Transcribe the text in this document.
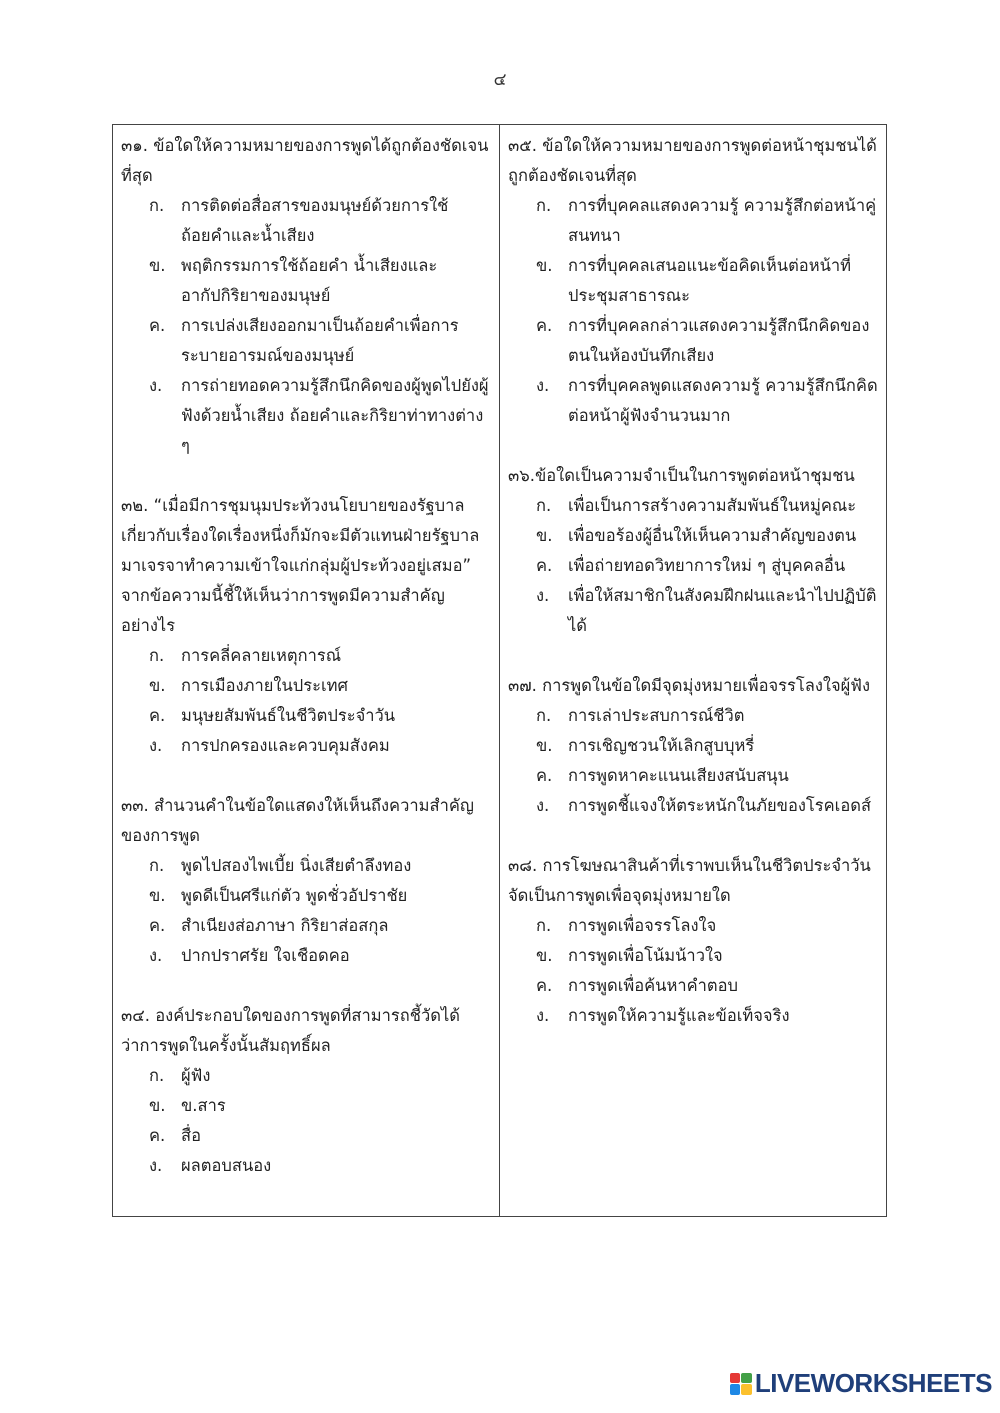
๔

๓๑. ข้อใดให้ความหมายของการพูดได้ถูกต้องชัดเจนที่สุด

ก.	การติดต่อสื่อสารของมนุษย์ด้วยการใช้ถ้อยคำและน้ำเสียง
ข. พฤติกรรมการใช้ถ้อยคำ น้ำเสียงและอากัปกิริยาของมนุษย์
ค. การเปล่งเสียงออกมาเป็นถ้อยคำเพื่อการระบายอารมณ์ของมนุษย์
ง.	การถ่ายทอดความรู้สึกนึกคิดของผู้พูดไปยังผู้ฟังด้วยน้ำเสียง ถ้อยคำและกิริยาท่าทางต่าง ๆ

๓๒. “เมื่อมีการชุมนุมประท้วงนโยบายของรัฐบาลเกี่ยวกับเรื่องใดเรื่องหนึ่งก็มักจะมีตัวแทนฝ่ายรัฐบาลมาเจรจาทำความเข้าใจแก่กลุ่มผู้ประท้วงอยู่เสมอ” จากข้อความนี้ชี้ให้เห็นว่าการพูดมีความสำคัญอย่างไร

ก.	การคลี่คลายเหตุการณ์
ข. การเมืองภายในประเทศ
ค. มนุษยสัมพันธ์ในชีวิตประจำวัน
ง.	การปกครองและควบคุมสังคม

๓๓. สำนวนคำในข้อใดแสดงให้เห็นถึงความสำคัญของการพูด

ก.	พูดไปสองไพเบี้ย นิ่งเสียตำลึงทอง
ข. พูดดีเป็นศรีแก่ตัว พูดชั่วอัปราชัย
ค. สำเนียงส่อภาษา กิริยาส่อสกุล
ง.	ปากปราศรัย ใจเชือดคอ

๓๔. องค์ประกอบใดของการพูดที่สามารถชี้วัดได้ว่าการพูดในครั้งนั้นสัมฤทธิ์ผล

ก.	ผู้ฟัง
ข. ข.สาร
ค. สื่อ
ง.	ผลตอบสนอง

๓๕. ข้อใดให้ความหมายของการพูดต่อหน้าชุมชนได้ถูกต้องชัดเจนที่สุด

ก.	การที่บุคคลแสดงความรู้ ความรู้สึกต่อหน้าคู่สนทนา
ข. การที่บุคคลเสนอแนะข้อคิดเห็นต่อหน้าที่ประชุมสาธารณะ
ค. การที่บุคคลกล่าวแสดงความรู้สึกนึกคิดของตนในห้องบันทึกเสียง
ง.	การที่บุคคลพูดแสดงความรู้ ความรู้สึกนึกคิดต่อหน้าผู้ฟังจำนวนมาก

๓๖.ข้อใดเป็นความจำเป็นในการพูดต่อหน้าชุมชน

ก.	เพื่อเป็นการสร้างความสัมพันธ์ในหมู่คณะ
ข. เพื่อขอร้องผู้อื่นให้เห็นความสำคัญของตน
ค. เพื่อถ่ายทอดวิทยาการใหม่ ๆ สู่บุคคลอื่น
ง.	เพื่อให้สมาชิกในสังคมฝึกฝนและนำไปปฏิบัติได้

๓๗. การพูดในข้อใดมีจุดมุ่งหมายเพื่อจรรโลงใจผู้ฟัง

ก.	การเล่าประสบการณ์ชีวิต
ข. การเชิญชวนให้เลิกสูบบุหรี่
ค. การพูดหาคะแนนเสียงสนับสนุน
ง.	การพูดชี้แจงให้ตระหนักในภัยของโรคเอดส์

๓๘. การโฆษณาสินค้าที่เราพบเห็นในชีวิตประจำวันจัดเป็นการพูดเพื่อจุดมุ่งหมายใด

ก.	การพูดเพื่อจรรโลงใจ
ข. การพูดเพื่อโน้มน้าวใจ
ค. การพูดเพื่อค้นหาคำตอบ
ง.	การพูดให้ความรู้และข้อเท็จจริง
LIVEWORKSHEETS
